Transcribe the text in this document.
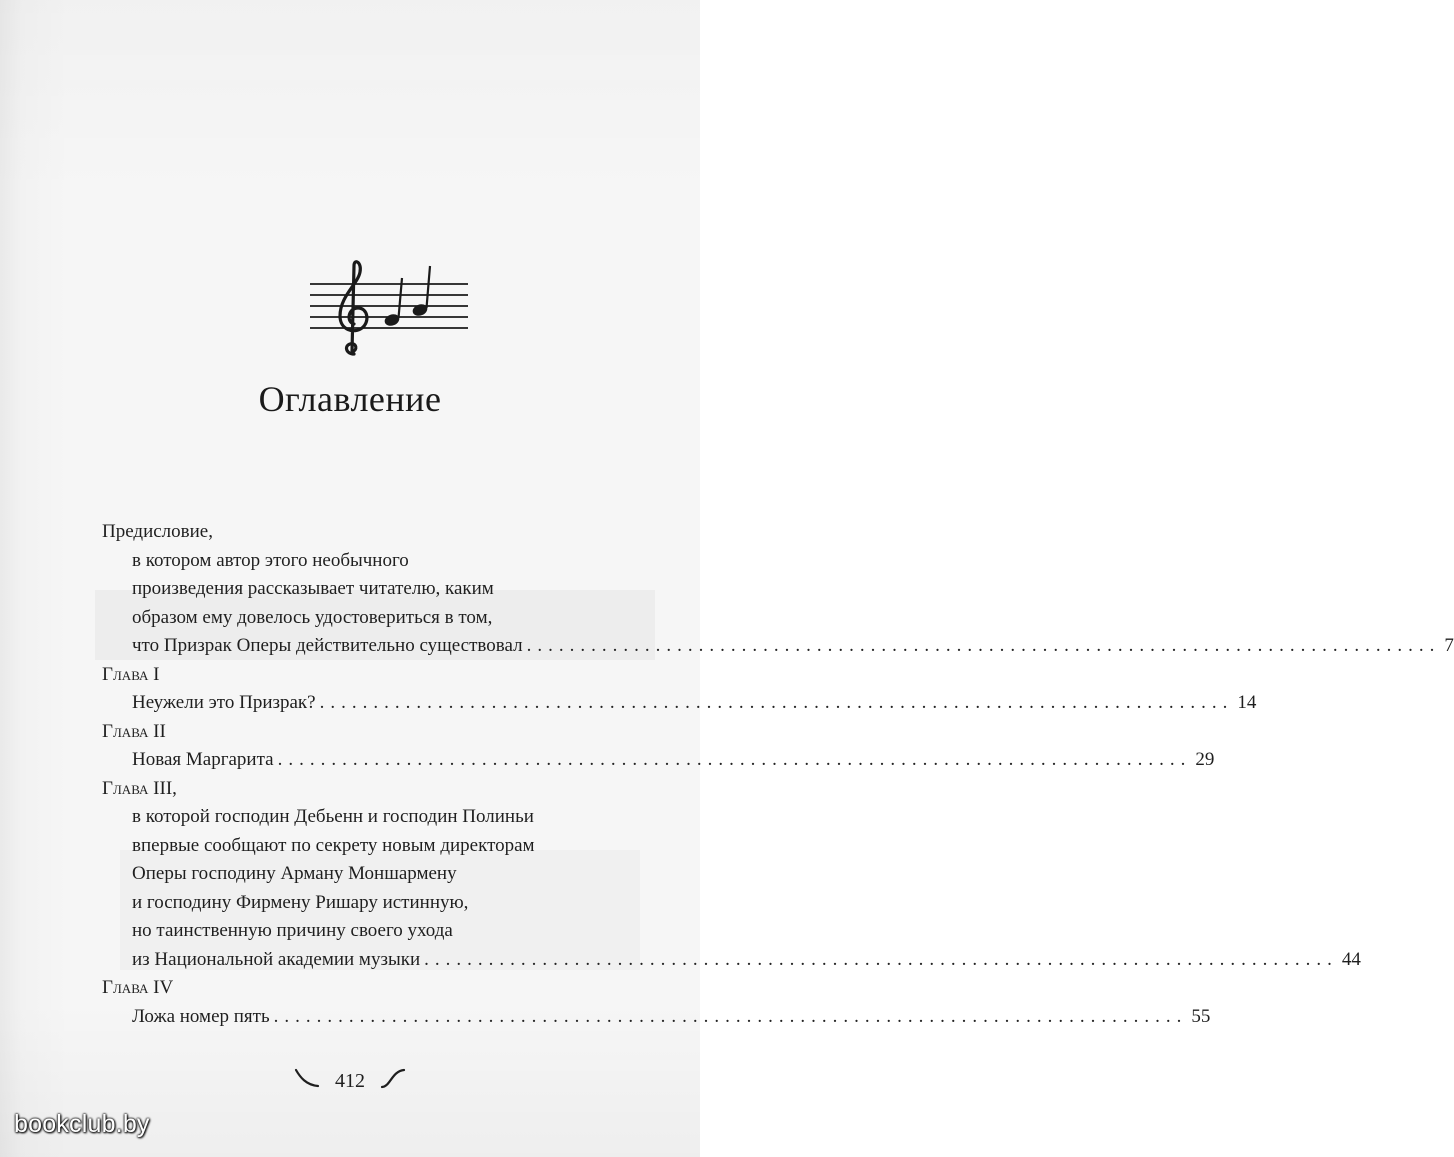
Оглавление
Предисловие,
в котором автор этого необычного
произведения рассказывает читателю, каким
образом ему довелось удостовериться в том,
что Призрак Оперы действительно существовал ..................................................................................... 7
Глава I
Неужели это Призрак? ..................................................................................... 14
Глава II
Новая Маргарита ..................................................................................... 29
Глава III,
в которой господин Дебьенн и господин Полиньи
впервые сообщают по секрету новым директорам
Оперы господину Арману Моншармену
и господину Фирмену Ришару истинную,
но таинственную причину своего ухода
из Национальной академии музыки ..................................................................................... 44
Глава IV
Ложа номер пять ..................................................................................... 55
412
bookclub.by
